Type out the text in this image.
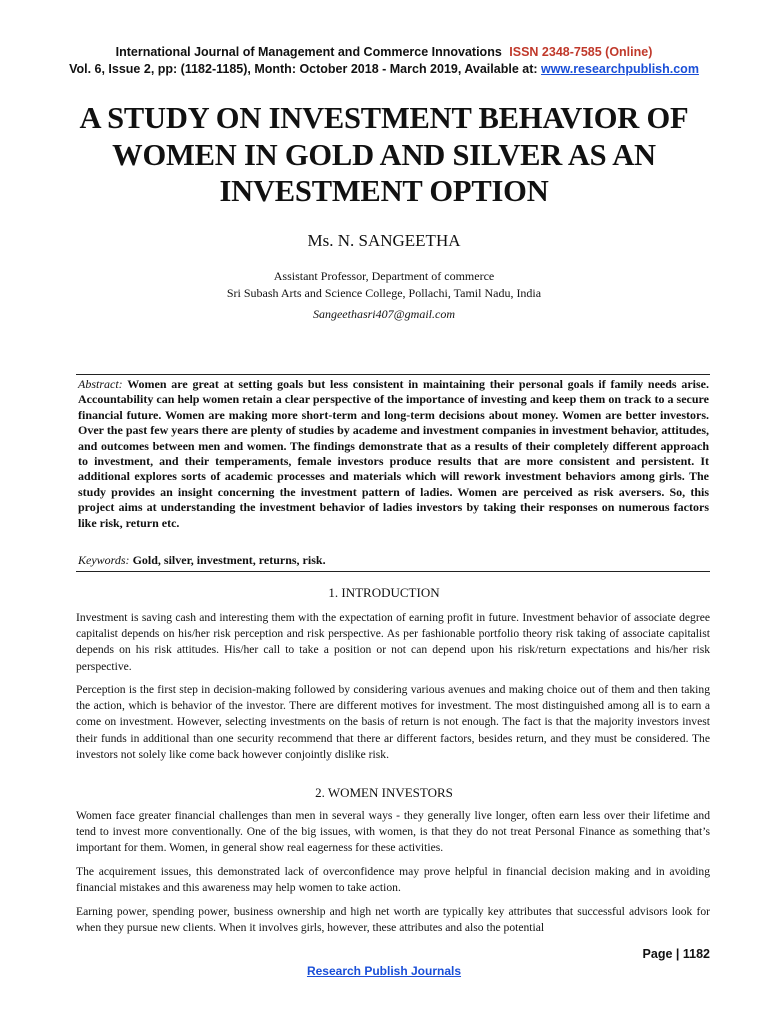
International Journal of Management and Commerce Innovations ISSN 2348-7585 (Online)
Vol. 6, Issue 2, pp: (1182-1185), Month: October 2018 - March 2019, Available at: www.researchpublish.com
A STUDY ON INVESTMENT BEHAVIOR OF
WOMEN IN GOLD AND SILVER AS AN
INVESTMENT OPTION
Ms. N. SANGEETHA
Assistant Professor, Department of commerce
Sri Subash Arts and Science College, Pollachi, Tamil Nadu, India
Sangeethasri407@gmail.com
Abstract: Women are great at setting goals but less consistent in maintaining their personal goals if family needs arise. Accountability can help women retain a clear perspective of the importance of investing and keep them on track to a secure financial future. Women are making more short-term and long-term decisions about money. Women are better investors. Over the past few years there are plenty of studies by academe and investment companies in investment behavior, attitudes, and outcomes between men and women. The findings demonstrate that as a results of their completely different approach to investment, and their temperaments, female investors produce results that are more consistent and persistent. It additional explores sorts of academic processes and materials which will rework investment behaviors among girls. The study provides an insight concerning the investment pattern of ladies. Women are perceived as risk aversers. So, this project aims at understanding the investment behavior of ladies investors by taking their responses on numerous factors like risk, return etc.
Keywords: Gold, silver, investment, returns, risk.
1. INTRODUCTION
Investment is saving cash and interesting them with the expectation of earning profit in future. Investment behavior of associate degree capitalist depends on his/her risk perception and risk perspective. As per fashionable portfolio theory risk taking of associate capitalist depends on his risk attitudes. His/her call to take a position or not can depend upon his risk/return expectations and his/her risk perspective.
Perception is the first step in decision-making followed by considering various avenues and making choice out of them and then taking the action, which is behavior of the investor. There are different motives for investment. The most distinguished among all is to earn a come on investment. However, selecting investments on the basis of return is not enough. The fact is that the majority investors invest their funds in additional than one security recommend that there ar different factors, besides return, and they must be considered. The investors not solely like come back however conjointly dislike risk.
2. WOMEN INVESTORS
Women face greater financial challenges than men in several ways - they generally live longer, often earn less over their lifetime and tend to invest more conventionally. One of the big issues, with women, is that they do not treat Personal Finance as something that’s important for them. Women, in general show real eagerness for these activities.
The acquirement issues, this demonstrated lack of overconfidence may prove helpful in financial decision making and in avoiding financial mistakes and this awareness may help women to take action.
Earning power, spending power, business ownership and high net worth are typically key attributes that successful advisors look for when they pursue new clients. When it involves girls, however, these attributes and also the potential
Page | 1182
Research Publish Journals
